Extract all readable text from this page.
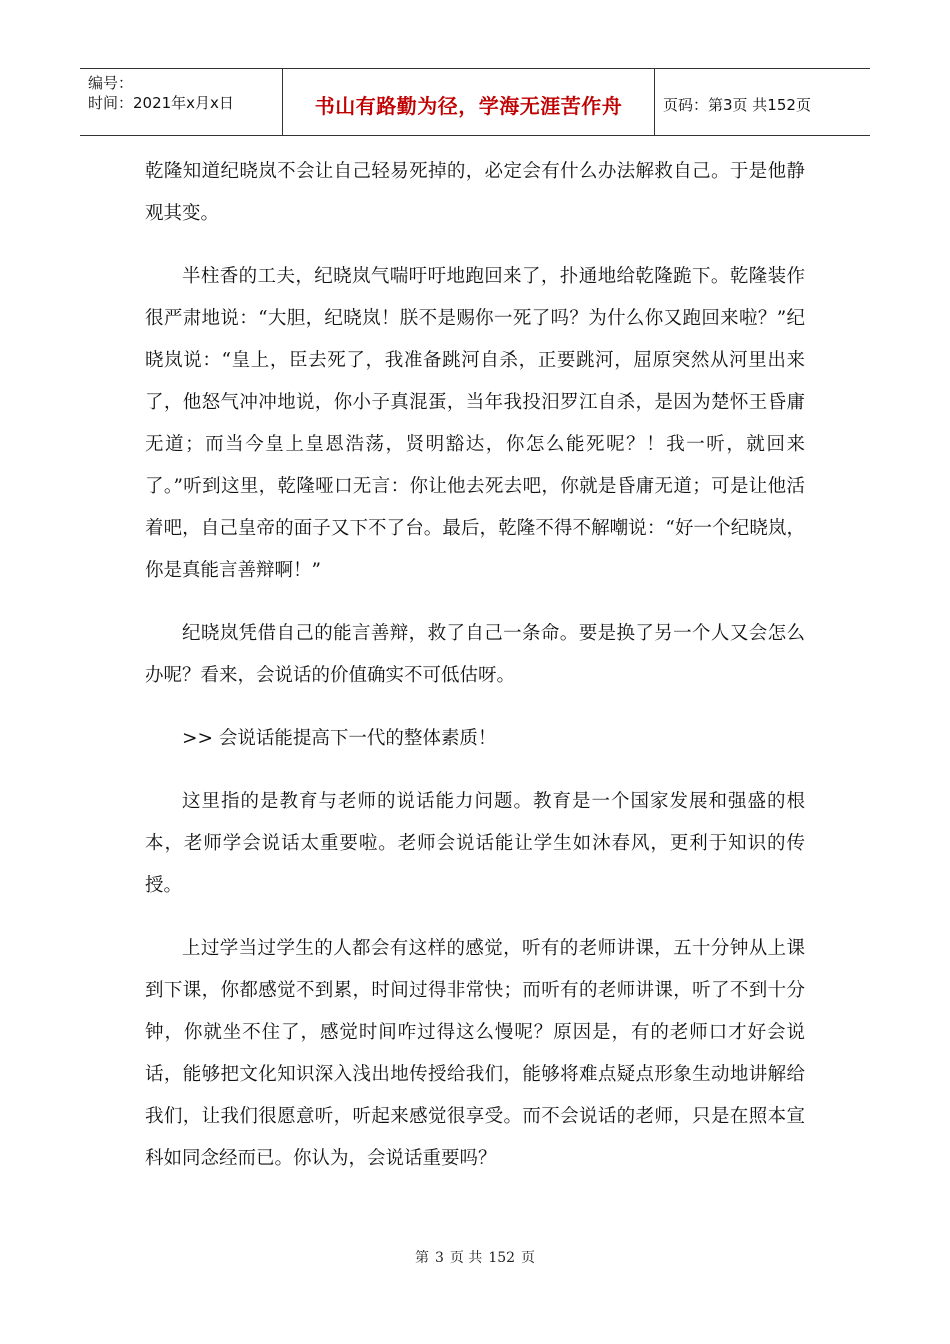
编号：
时间：2021年x月x日	书山有路勤为径，学海无涯苦作舟	页码：第3页 共152页

乾隆知道纪晓岚不会让自己轻易死掉的，必定会有什么办法解救自己。于是他静观其变。

半柱香的工夫，纪晓岚气喘吁吁地跑回来了，扑通地给乾隆跪下。乾隆装作很严肃地说：“大胆，纪晓岚！朕不是赐你一死了吗？为什么你又跑回来啦？”纪晓岚说：“皇上，臣去死了，我准备跳河自杀，正要跳河，屈原突然从河里出来了，他怒气冲冲地说，你小子真混蛋，当年我投汨罗江自杀，是因为楚怀王昏庸无道；而当今皇上皇恩浩荡，贤明豁达，你怎么能死呢？！我一听，就回来了。”听到这里，乾隆哑口无言：你让他去死去吧，你就是昏庸无道；可是让他活着吧，自己皇帝的面子又下不了台。最后，乾隆不得不解嘲说：“好一个纪晓岚，你是真能言善辩啊！”

纪晓岚凭借自己的能言善辩，救了自己一条命。要是换了另一个人又会怎么办呢？看来，会说话的价值确实不可低估呀。

>> 会说话能提高下一代的整体素质！

这里指的是教育与老师的说话能力问题。教育是一个国家发展和强盛的根本，老师学会说话太重要啦。老师会说话能让学生如沐春风，更利于知识的传授。

上过学当过学生的人都会有这样的感觉，听有的老师讲课，五十分钟从上课到下课，你都感觉不到累，时间过得非常快；而听有的老师讲课，听了不到十分钟，你就坐不住了，感觉时间咋过得这么慢呢？原因是，有的老师口才好会说话，能够把文化知识深入浅出地传授给我们，能够将难点疑点形象生动地讲解给我们，让我们很愿意听，听起来感觉很享受。而不会说话的老师，只是在照本宣科如同念经而已。你认为，会说话重要吗？

第 3 页 共 152 页
